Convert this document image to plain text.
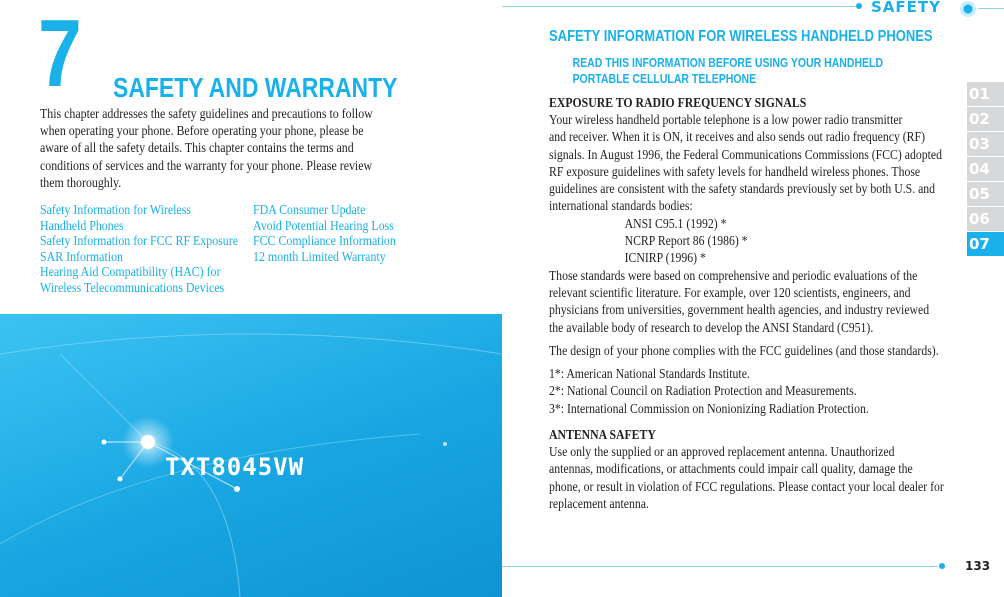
7 SAFETY AND WARRANTY
This chapter addresses the safety guidelines and precautions to follow
when operating your phone. Before operating your phone, please be
aware of all the safety details. This chapter contains the terms and
conditions of services and the warranty for your phone. Please review
them thoroughly.
Safety Information for Wireless
Handheld Phones
Safety Information for FCC RF Exposure
SAR Information
Hearing Aid Compatibility (HAC) for
Wireless Telecommunications Devices
FDA Consumer Update
Avoid Potential Hearing Loss
FCC Compliance Information
12 month Limited Warranty
TXT8045VW
SAFETY
01
02
03
04
05
06
07
SAFETY INFORMATION FOR WIRELESS HANDHELD PHONES
READ THIS INFORMATION BEFORE USING YOUR HANDHELD
PORTABLE CELLULAR TELEPHONE
EXPOSURE TO RADIO FREQUENCY SIGNALS
Your wireless handheld portable telephone is a low power radio transmitter
and receiver. When it is ON, it receives and also sends out radio frequency (RF)
signals. In August 1996, the Federal Communications Commissions (FCC) adopted
RF exposure guidelines with safety levels for handheld wireless phones. Those
guidelines are consistent with the safety standards previously set by both U.S. and
international standards bodies:
ANSI C95.1 (1992) *
NCRP Report 86 (1986) *
ICNIRP (1996) *
Those standards were based on comprehensive and periodic evaluations of the
relevant scientific literature. For example, over 120 scientists, engineers, and
physicians from universities, government health agencies, and industry reviewed
the available body of research to develop the ANSI Standard (C951).
The design of your phone complies with the FCC guidelines (and those standards).
1*: American National Standards Institute.
2*: National Council on Radiation Protection and Measurements.
3*: International Commission on Nonionizing Radiation Protection.
ANTENNA SAFETY
Use only the supplied or an approved replacement antenna. Unauthorized
antennas, modifications, or attachments could impair call quality, damage the
phone, or result in violation of FCC regulations. Please contact your local dealer for
replacement antenna.
133
